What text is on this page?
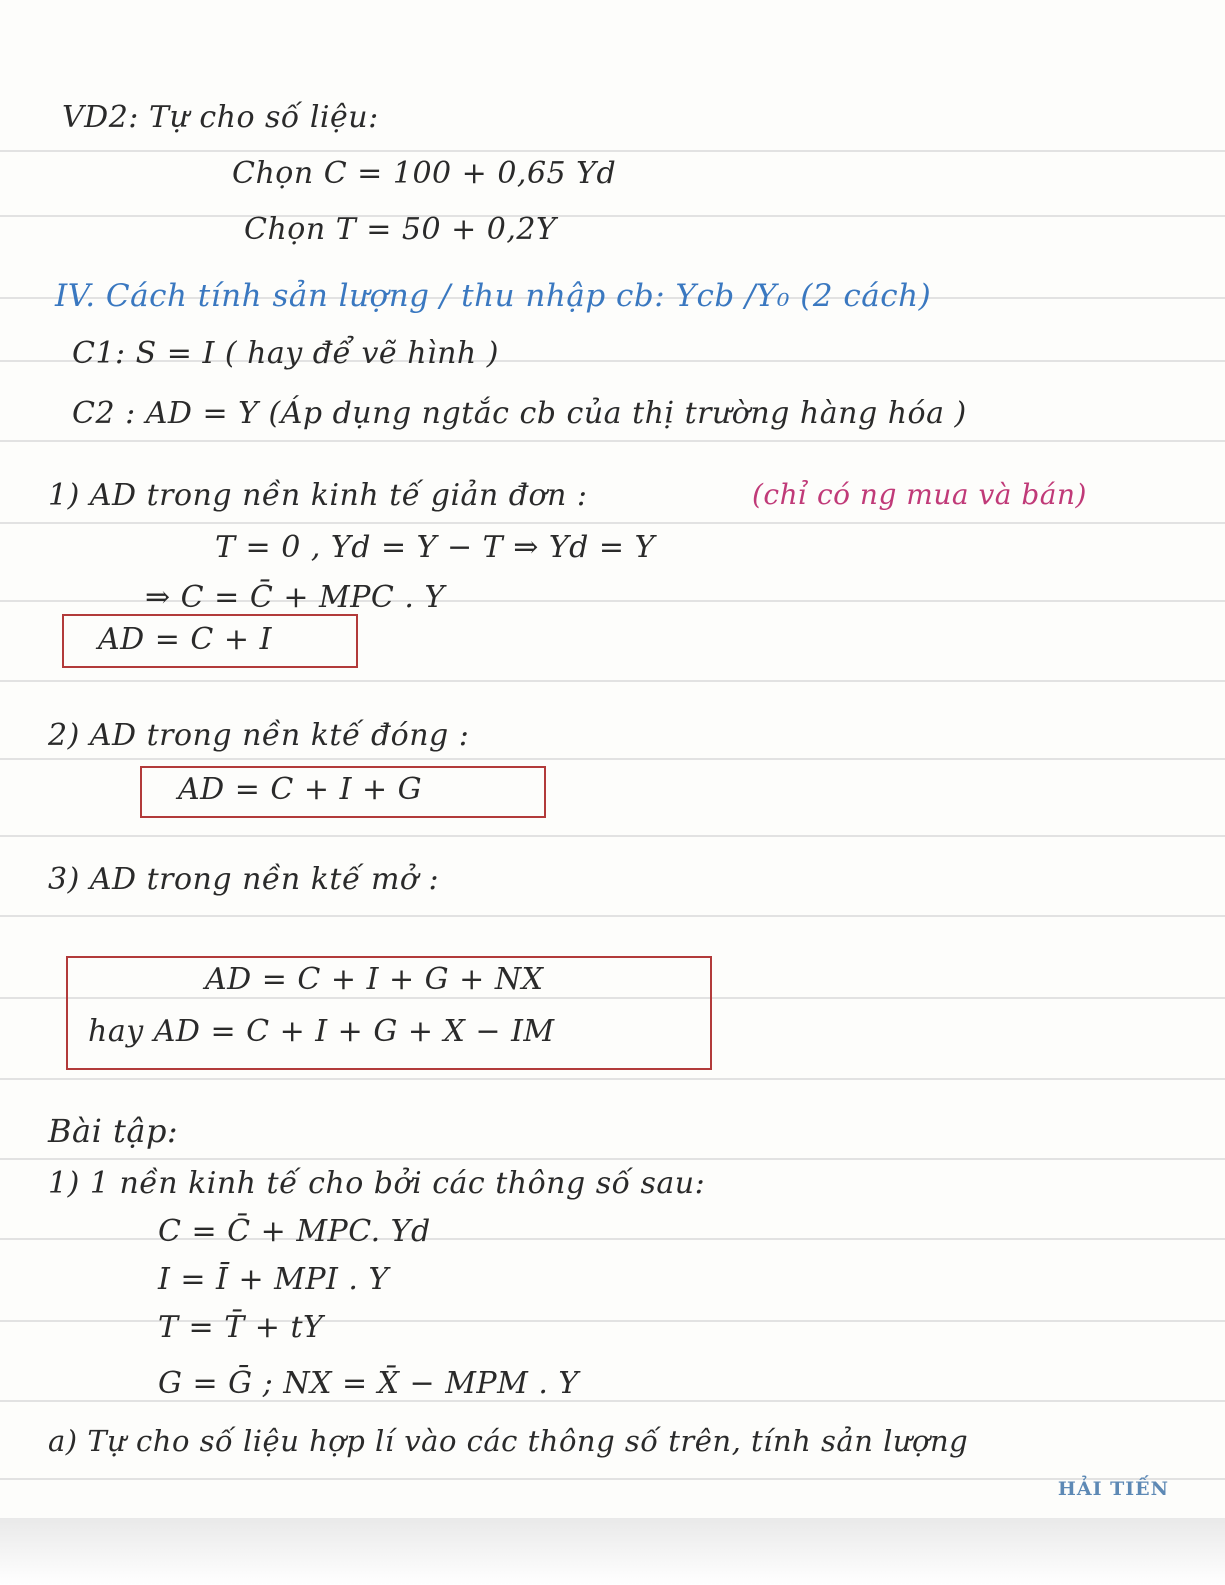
VD2: Tự cho số liệu:
Chọn C = 100 + 0,65 Yd
Chọn T = 50 + 0,2Y
IV. Cách tính sản lượng / thu nhập cb: Ycb /Y₀ (2 cách)
C1: S = I ( hay để vẽ hình )
C2 : AD = Y (Áp dụng ngtắc cb của thị trường hàng hóa )
1) AD trong nền kinh tế giản đơn :	(chỉ có ng mua và bán)
T = 0 , Yd = Y − T ⇒ Yd = Y
⇒ C = C̄ + MPC . Y
AD = C + I
2) AD trong nền ktế đóng :
AD = C + I + G
3) AD trong nền ktế mở :
AD = C + I + G + NX
hay AD = C + I + G + X − IM
Bài tập:
1) 1 nền kinh tế cho bởi các thông số sau:
C = C̄ + MPC. Yd
I = Ī + MPI . Y
T = T̄ + tY
G = Ḡ ; NX = X̄ − MPM . Y
a) Tự cho số liệu hợp lí vào các thông số trên, tính sản lượng
HẢI TIẾN
